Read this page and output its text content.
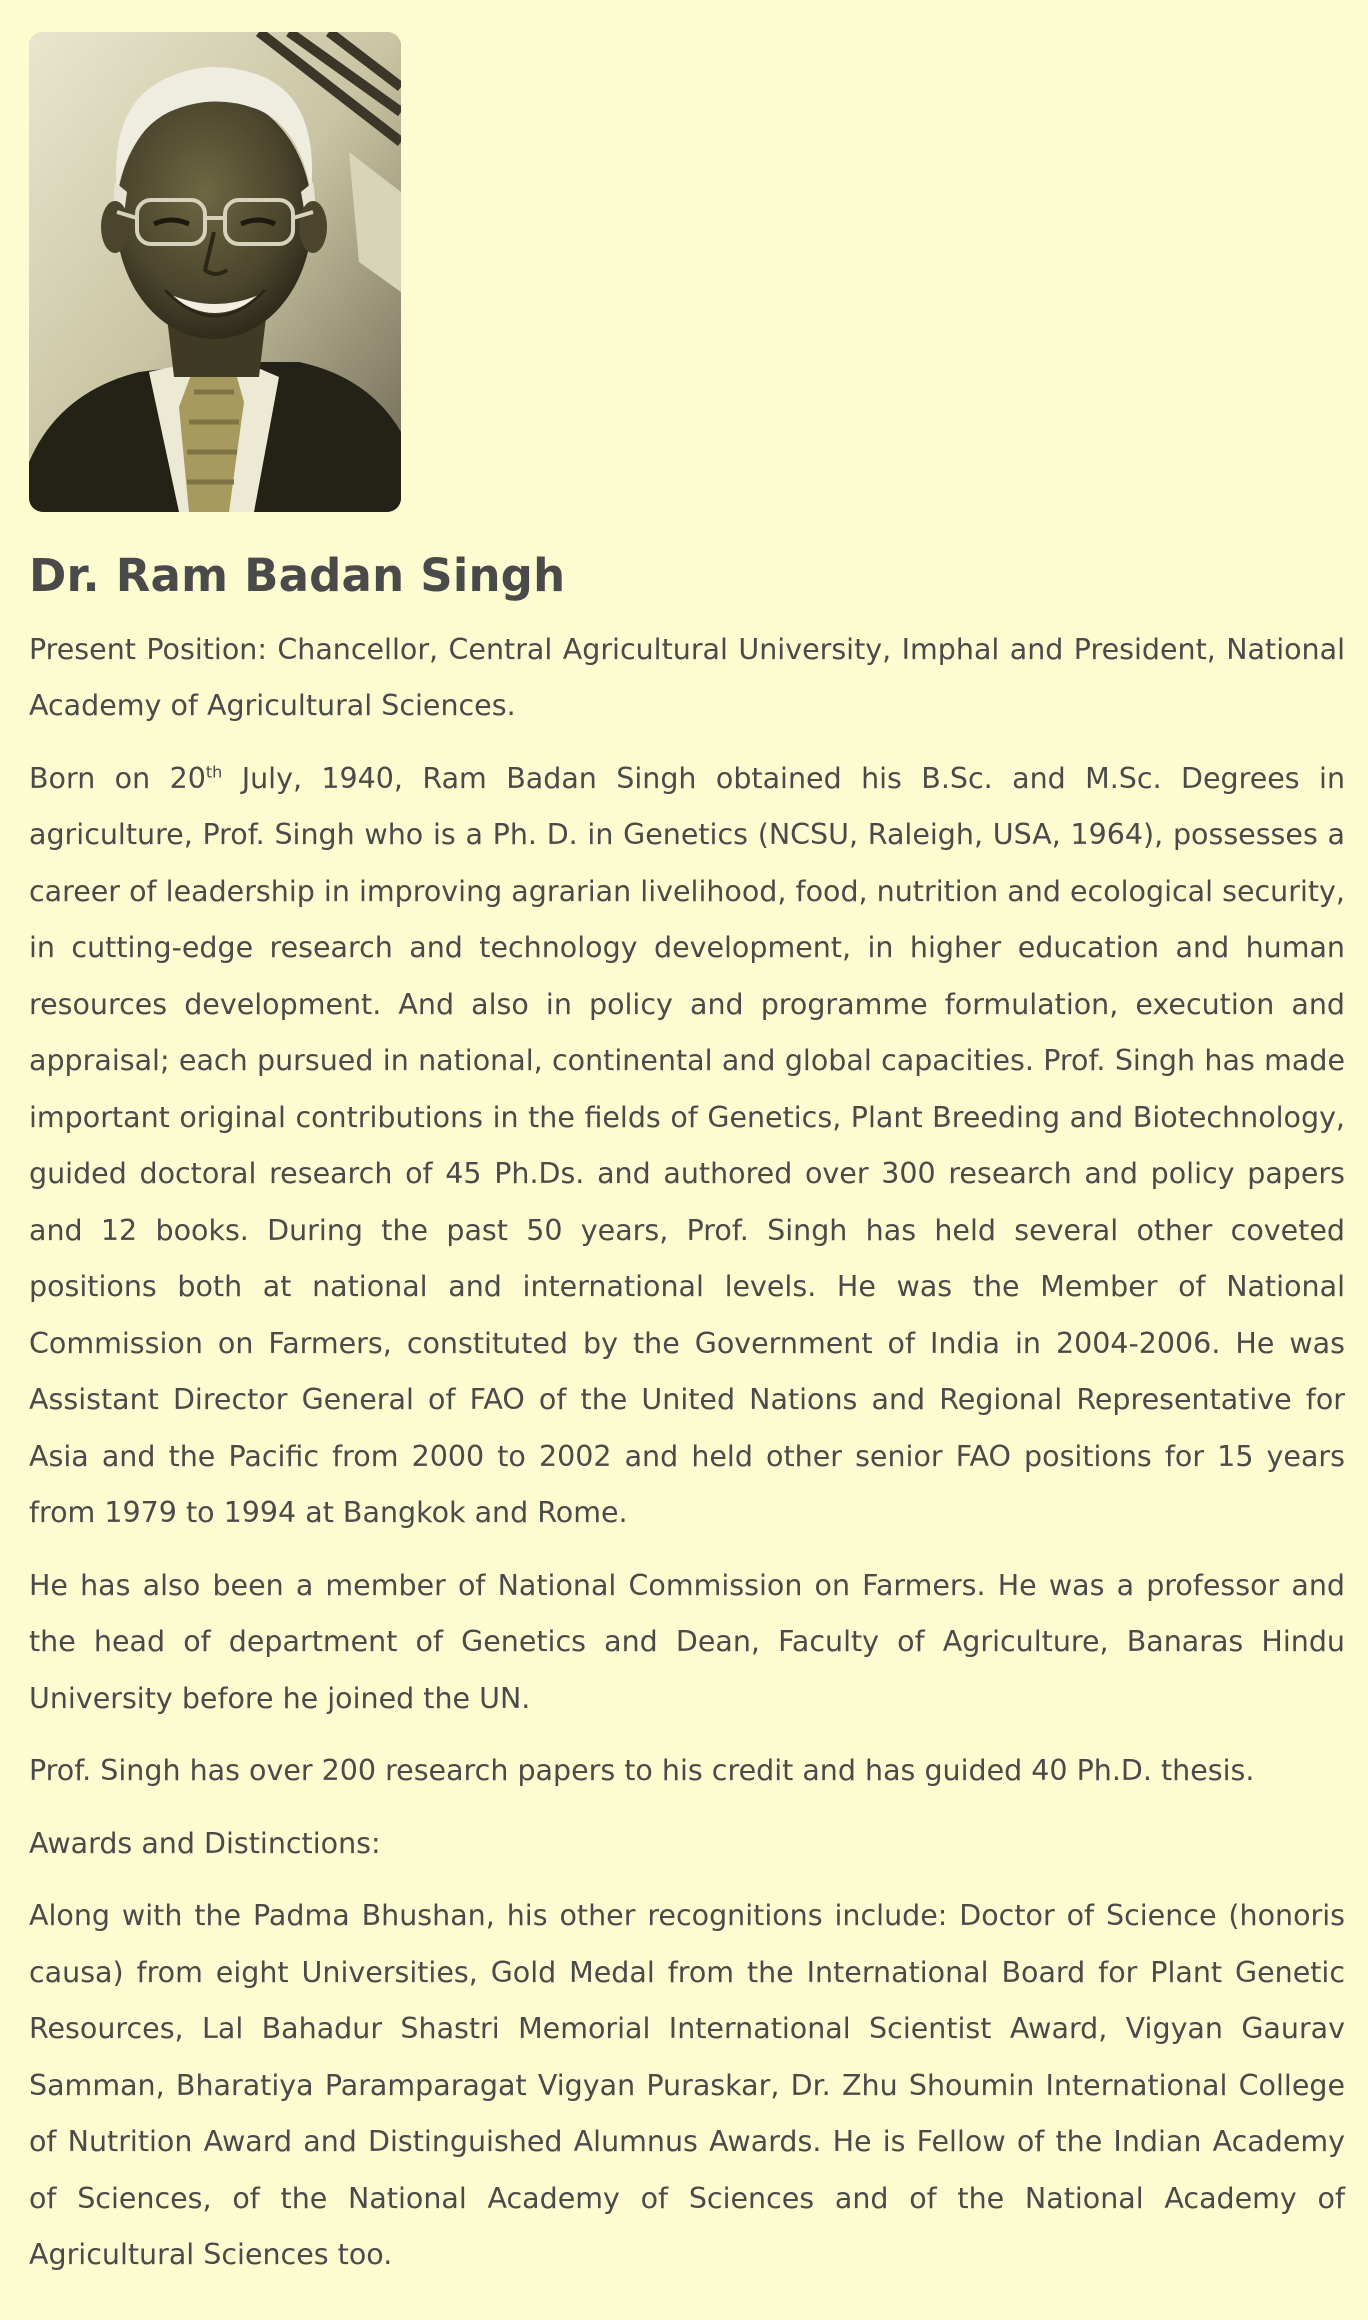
Dr. Ram Badan Singh

Present Position: Chancellor, Central Agricultural University, Imphal and President, National Academy of Agricultural Sciences.

Born on 20th July, 1940, Ram Badan Singh obtained his B.Sc. and M.Sc. Degrees in agriculture, Prof. Singh who is a Ph. D. in Genetics (NCSU, Raleigh, USA, 1964), possesses a career of leadership in improving agrarian livelihood, food, nutrition and ecological security, in cutting-edge research and technology development, in higher education and human resources development. And also in policy and programme formulation, execution and appraisal; each pursued in national, continental and global capacities. Prof. Singh has made important original contributions in the fields of Genetics, Plant Breeding and Biotechnology, guided doctoral research of 45 Ph.Ds. and authored over 300 research and policy papers and 12 books. During the past 50 years, Prof. Singh has held several other coveted positions both at national and international levels. He was the Member of National Commission on Farmers, constituted by the Government of India in 2004-2006. He was Assistant Director General of FAO of the United Nations and Regional Representative for Asia and the Pacific from 2000 to 2002 and held other senior FAO positions for 15 years from 1979 to 1994 at Bangkok and Rome.

He has also been a member of National Commission on Farmers. He was a professor and the head of department of Genetics and Dean, Faculty of Agriculture, Banaras Hindu University before he joined the UN.

Prof. Singh has over 200 research papers to his credit and has guided 40 Ph.D. thesis.

Awards and Distinctions:

Along with the Padma Bhushan, his other recognitions include: Doctor of Science (honoris causa) from eight Universities, Gold Medal from the International Board for Plant Genetic Resources, Lal Bahadur Shastri Memorial International Scientist Award, Vigyan Gaurav Samman, Bharatiya Paramparagat Vigyan Puraskar, Dr. Zhu Shoumin International College of Nutrition Award and Distinguished Alumnus Awards. He is Fellow of the Indian Academy of Sciences, of the National Academy of Sciences and of the National Academy of Agricultural Sciences too.
